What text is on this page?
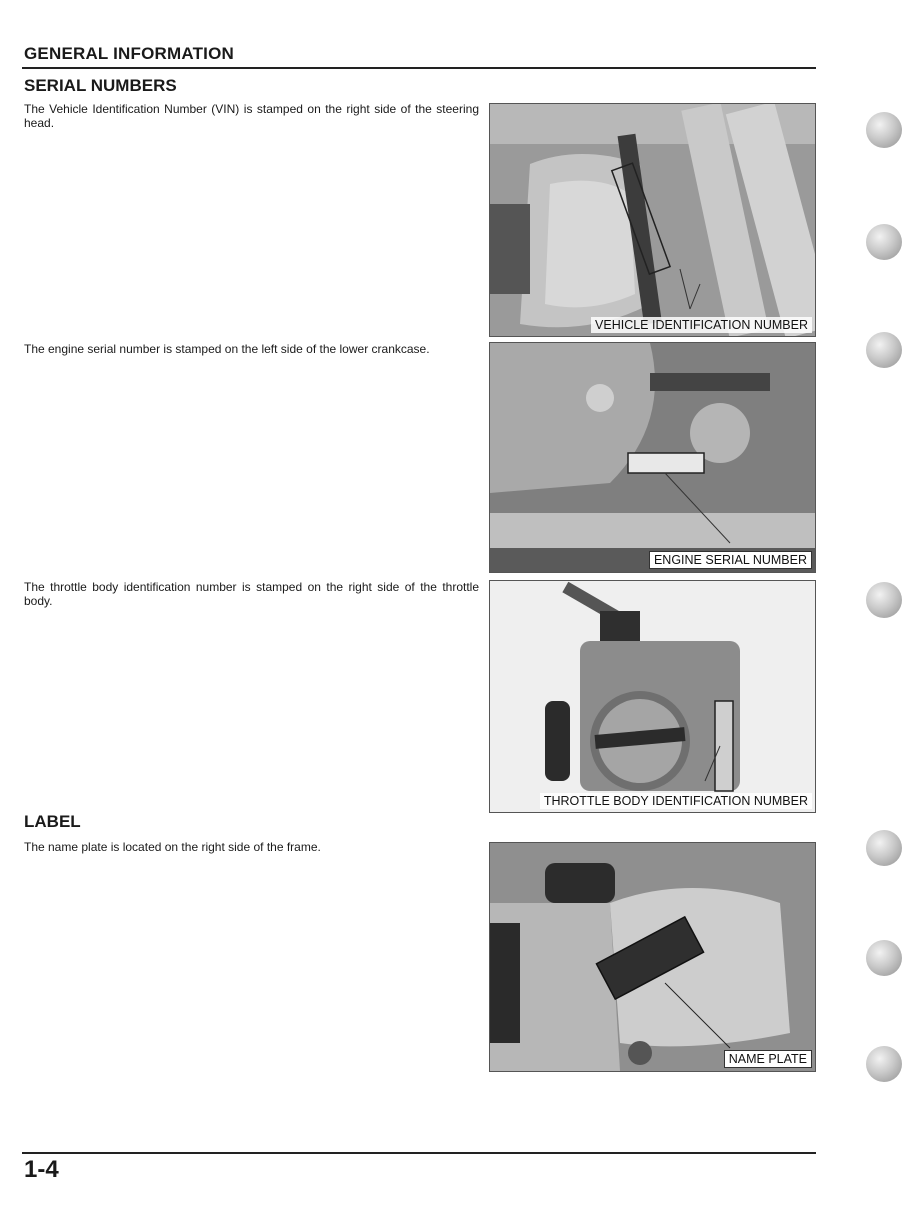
GENERAL INFORMATION
SERIAL NUMBERS
The Vehicle Identification Number (VIN) is stamped on the right side of the steering head.
VEHICLE IDENTIFICATION NUMBER
The engine serial number is stamped on the left side of the lower crankcase.
ENGINE SERIAL NUMBER
The throttle body identification number is stamped on the right side of the throttle body.
THROTTLE BODY IDENTIFICATION NUMBER
LABEL
The name plate is located on the right side of the frame.
NAME PLATE
1-4
